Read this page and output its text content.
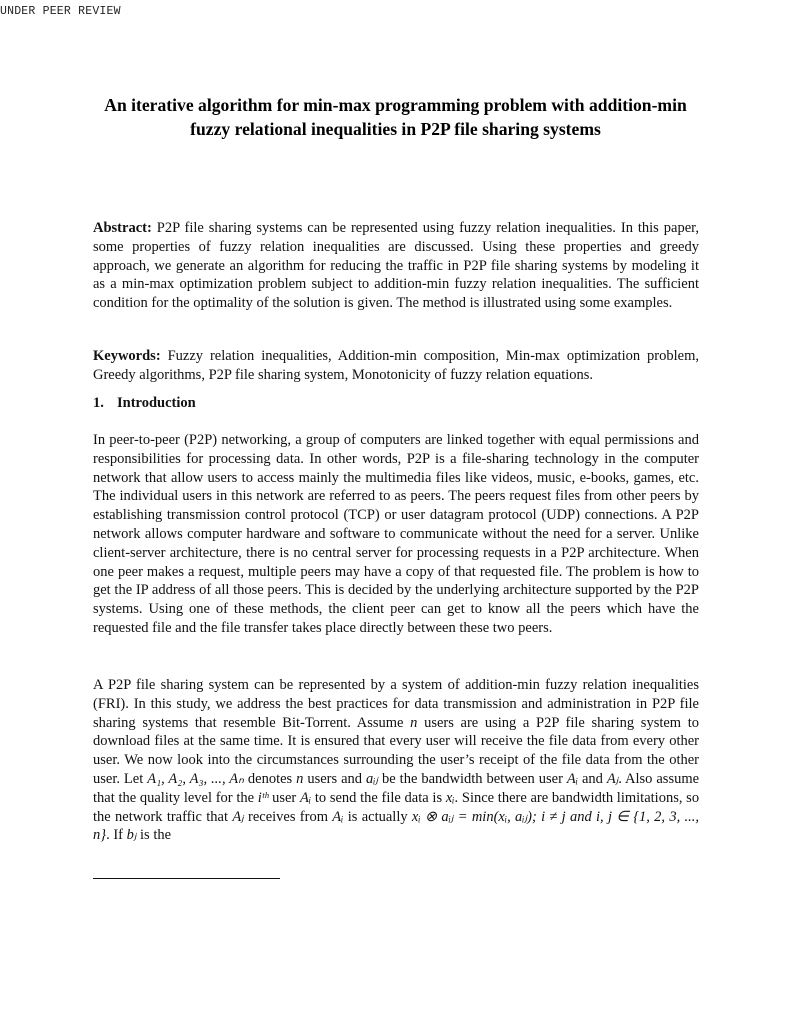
UNDER PEER REVIEW
An iterative algorithm for min-max programming problem with addition-min
fuzzy relational inequalities in P2P file sharing systems

Abstract: P2P file sharing systems can be represented using fuzzy relation inequalities. In this paper, some properties of fuzzy relation inequalities are discussed. Using these properties and greedy approach, we generate an algorithm for reducing the traffic in P2P file sharing systems by modeling it as a min-max optimization problem subject to addition-min fuzzy relation inequalities. The sufficient condition for the optimality of the solution is given. The method is illustrated using some examples.

Keywords: Fuzzy relation inequalities, Addition-min composition, Min-max optimization problem, Greedy algorithms, P2P file sharing system, Monotonicity of fuzzy relation equations.

1. Introduction

In peer-to-peer (P2P) networking, a group of computers are linked together with equal permissions and responsibilities for processing data. In other words, P2P is a file-sharing technology in the computer network that allow users to access mainly the multimedia files like videos, music, e-books, games, etc. The individual users in this network are referred to as peers. The peers request files from other peers by establishing transmission control protocol (TCP) or user datagram protocol (UDP) connections. A P2P network allows computer hardware and software to communicate without the need for a server. Unlike client-server architecture, there is no central server for processing requests in a P2P architecture. When one peer makes a request, multiple peers may have a copy of that requested file. The problem is how to get the IP address of all those peers. This is decided by the underlying architecture supported by the P2P systems. Using one of these methods, the client peer can get to know all the peers which have the requested file and the file transfer takes place directly between these two peers.

A P2P file sharing system can be represented by a system of addition-min fuzzy relation inequalities (FRI). In this study, we address the best practices for data transmission and administration in P2P file sharing systems that resemble Bit-Torrent. Assume n users are using a P2P file sharing system to download files at the same time. It is ensured that every user will receive the file data from every other user. We now look into the circumstances surrounding the user’s receipt of the file data from the other user. Let A₁, A₂, A₃, ..., Aₙ denotes n users and aᵢⱼ be the bandwidth between user Aᵢ and Aⱼ. Also assume that the quality level for the iᵗʰ user Aᵢ to send the file data is xᵢ. Since there are bandwidth limitations, so the network traffic that Aⱼ receives from Aᵢ is actually xᵢ ⊗ aᵢⱼ = min(xᵢ, aᵢⱼ); i ≠ j and i, j ∈ {1, 2, 3, ..., n}. If bⱼ is the
